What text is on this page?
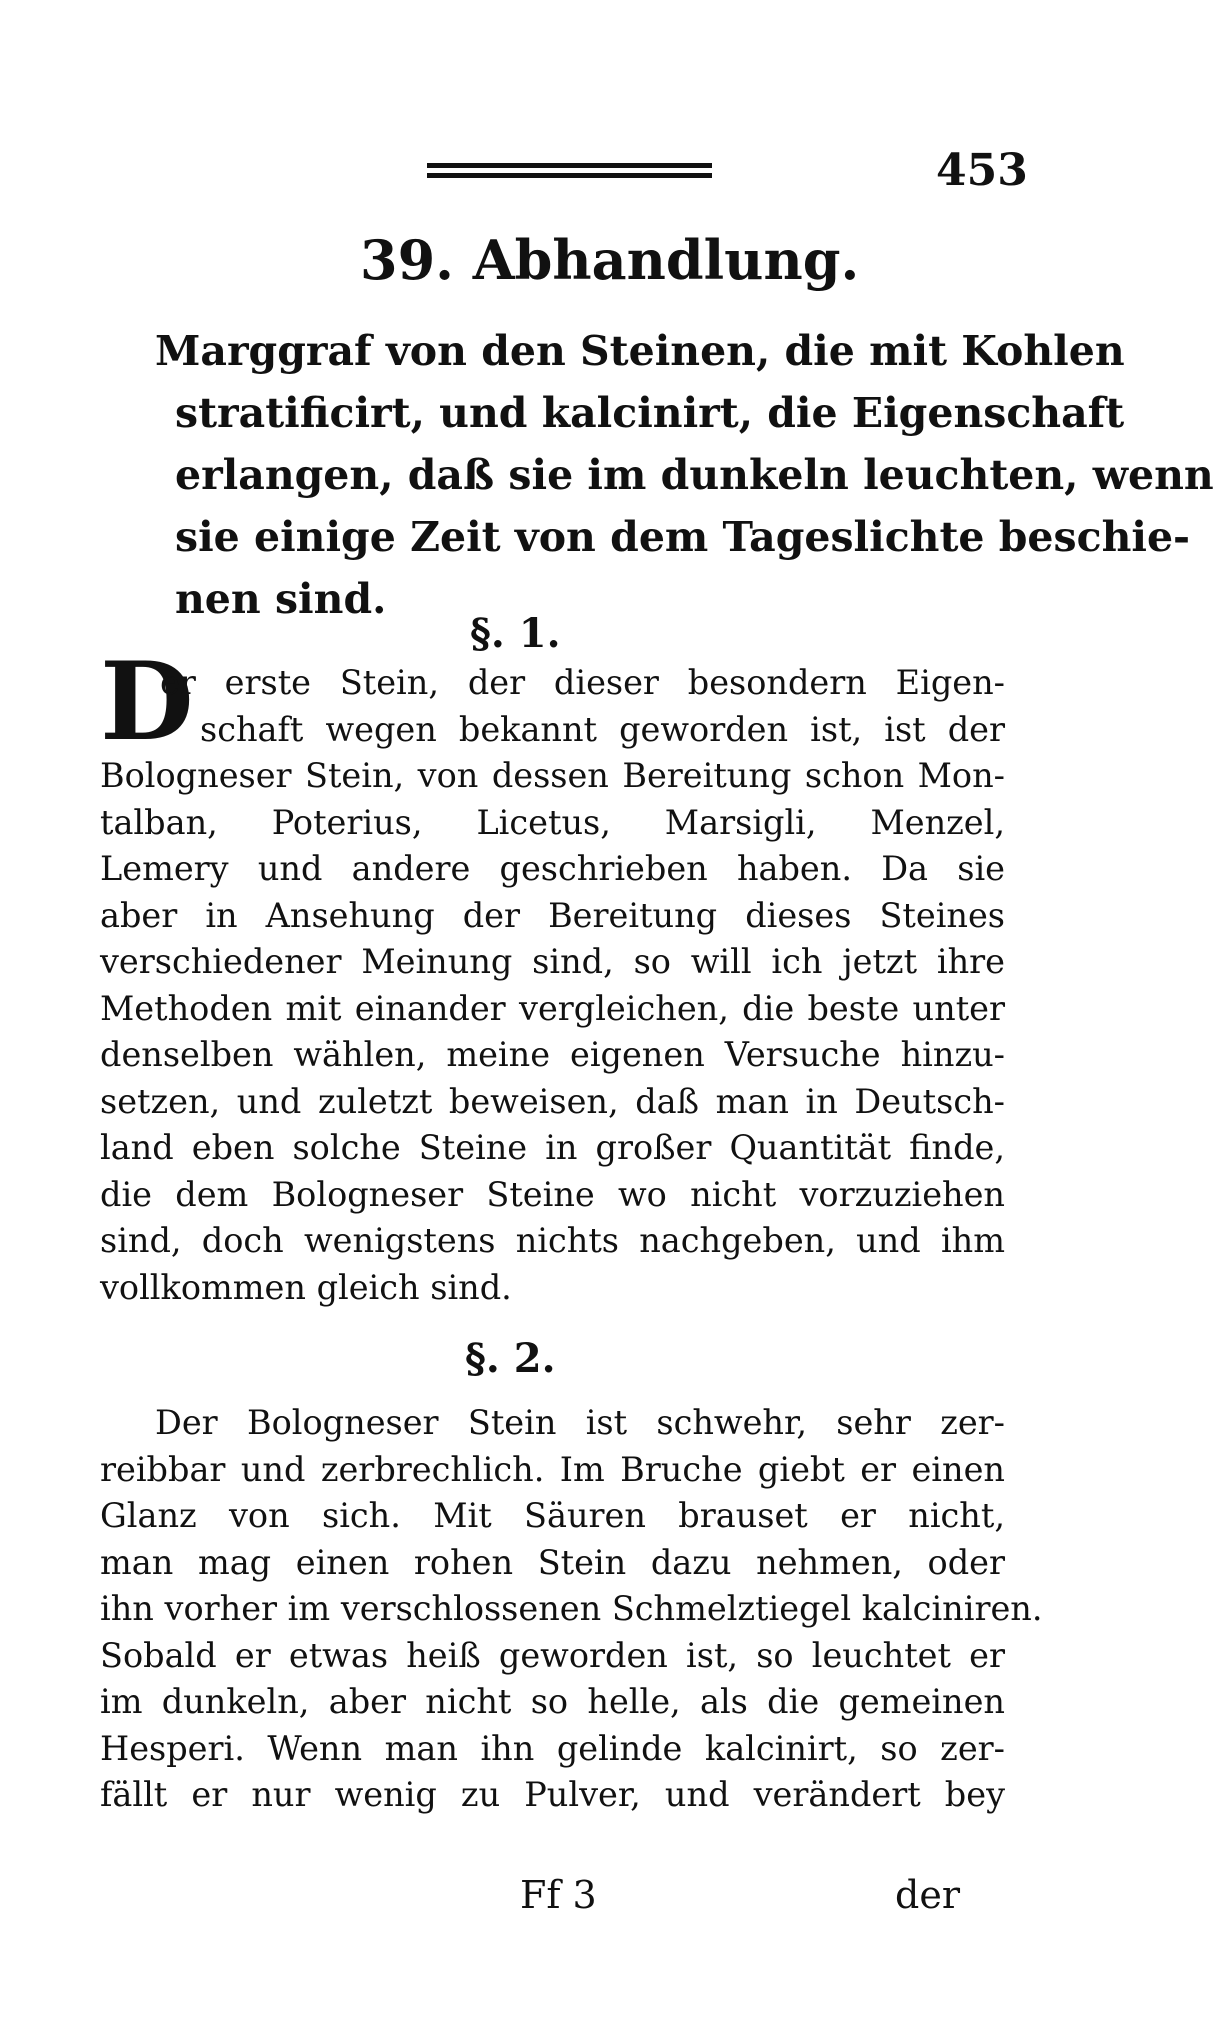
453
39. Abhandlung.
Marggraf von den Steinen, die mit Kohlen
stratificirt, und kalcinirt, die Eigenschaft
erlangen, daß sie im dunkeln leuchten, wenn
sie einige Zeit von dem Tageslichte beschie-
nen sind.
§. 1.
D
er erste Stein, der dieser besondern Eigen-
schaft wegen bekannt geworden ist, ist der
Bologneser Stein, von dessen Bereitung schon Mon-
talban, Poterius, Licetus, Marsigli, Menzel,
Lemery und andere geschrieben haben. Da sie
aber in Ansehung der Bereitung dieses Steines
verschiedener Meinung sind, so will ich jetzt ihre
Methoden mit einander vergleichen, die beste unter
denselben wählen, meine eigenen Versuche hinzu-
setzen, und zuletzt beweisen, daß man in Deutsch-
land eben solche Steine in großer Quantität finde,
die dem Bologneser Steine wo nicht vorzuziehen
sind, doch wenigstens nichts nachgeben, und ihm
vollkommen gleich sind.
§. 2.
Der Bologneser Stein ist schwehr, sehr zer-
reibbar und zerbrechlich. Im Bruche giebt er einen
Glanz von sich. Mit Säuren brauset er nicht,
man mag einen rohen Stein dazu nehmen, oder
ihn vorher im verschlossenen Schmelztiegel kalciniren.
Sobald er etwas heiß geworden ist, so leuchtet er
im dunkeln, aber nicht so helle, als die gemeinen
Hesperi. Wenn man ihn gelinde kalcinirt, so zer-
fällt er nur wenig zu Pulver, und verändert bey
Ff 3	der
